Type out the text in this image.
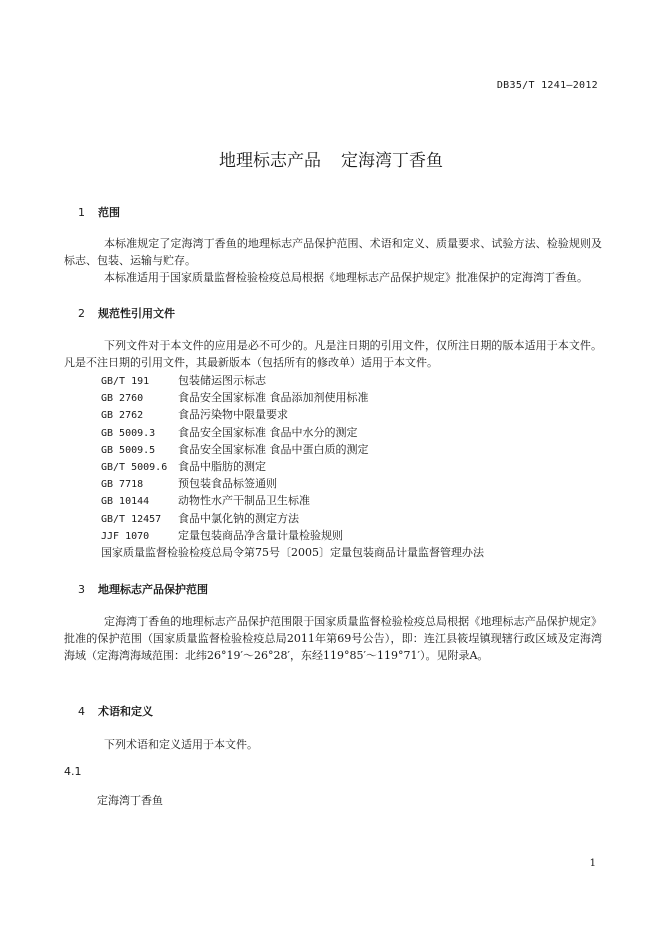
DB35/T 1241—2012
地理标志产品 定海湾丁香鱼
1 范围

本标准规定了定海湾丁香鱼的地理标志产品保护范围、术语和定义、质量要求、试验方法、检验规则及标志、包装、运输与贮存。

本标准适用于国家质量监督检验检疫总局根据《地理标志产品保护规定》批准保护的定海湾丁香鱼。

2 规范性引用文件

下列文件对于本文件的应用是必不可少的。凡是注日期的引用文件，仅所注日期的版本适用于本文件。凡是不注日期的引用文件，其最新版本（包括所有的修改单）适用于本文件。

GB/T 191	包装储运图示标志
GB 2760	食品安全国家标准 食品添加剂使用标准
GB 2762	食品污染物中限量要求
GB 5009.3 食品安全国家标准 食品中水分的测定
GB 5009.5 食品安全国家标准 食品中蛋白质的测定
GB/T 5009.6 食品中脂肪的测定
GB 7718	预包装食品标签通则
GB 10144	动物性水产干制品卫生标准
GB/T 12457 食品中氯化钠的测定方法
JJF 1070	定量包装商品净含量计量检验规则
国家质量监督检验检疫总局令第75号〔2005〕定量包装商品计量监督管理办法
3 地理标志产品保护范围

定海湾丁香鱼的地理标志产品保护范围限于国家质量监督检验检疫总局根据《地理标志产品保护规定》批准的保护范围（国家质量监督检验检疫总局2011年第69号公告），即：连江县筱埕镇现辖行政区域及定海湾海域（定海湾海域范围：北纬26°19′～26°28′，东经119°85′～119°71′）。见附录A。

4 术语和定义

下列术语和定义适用于本文件。

4.1
定海湾丁香鱼
1
